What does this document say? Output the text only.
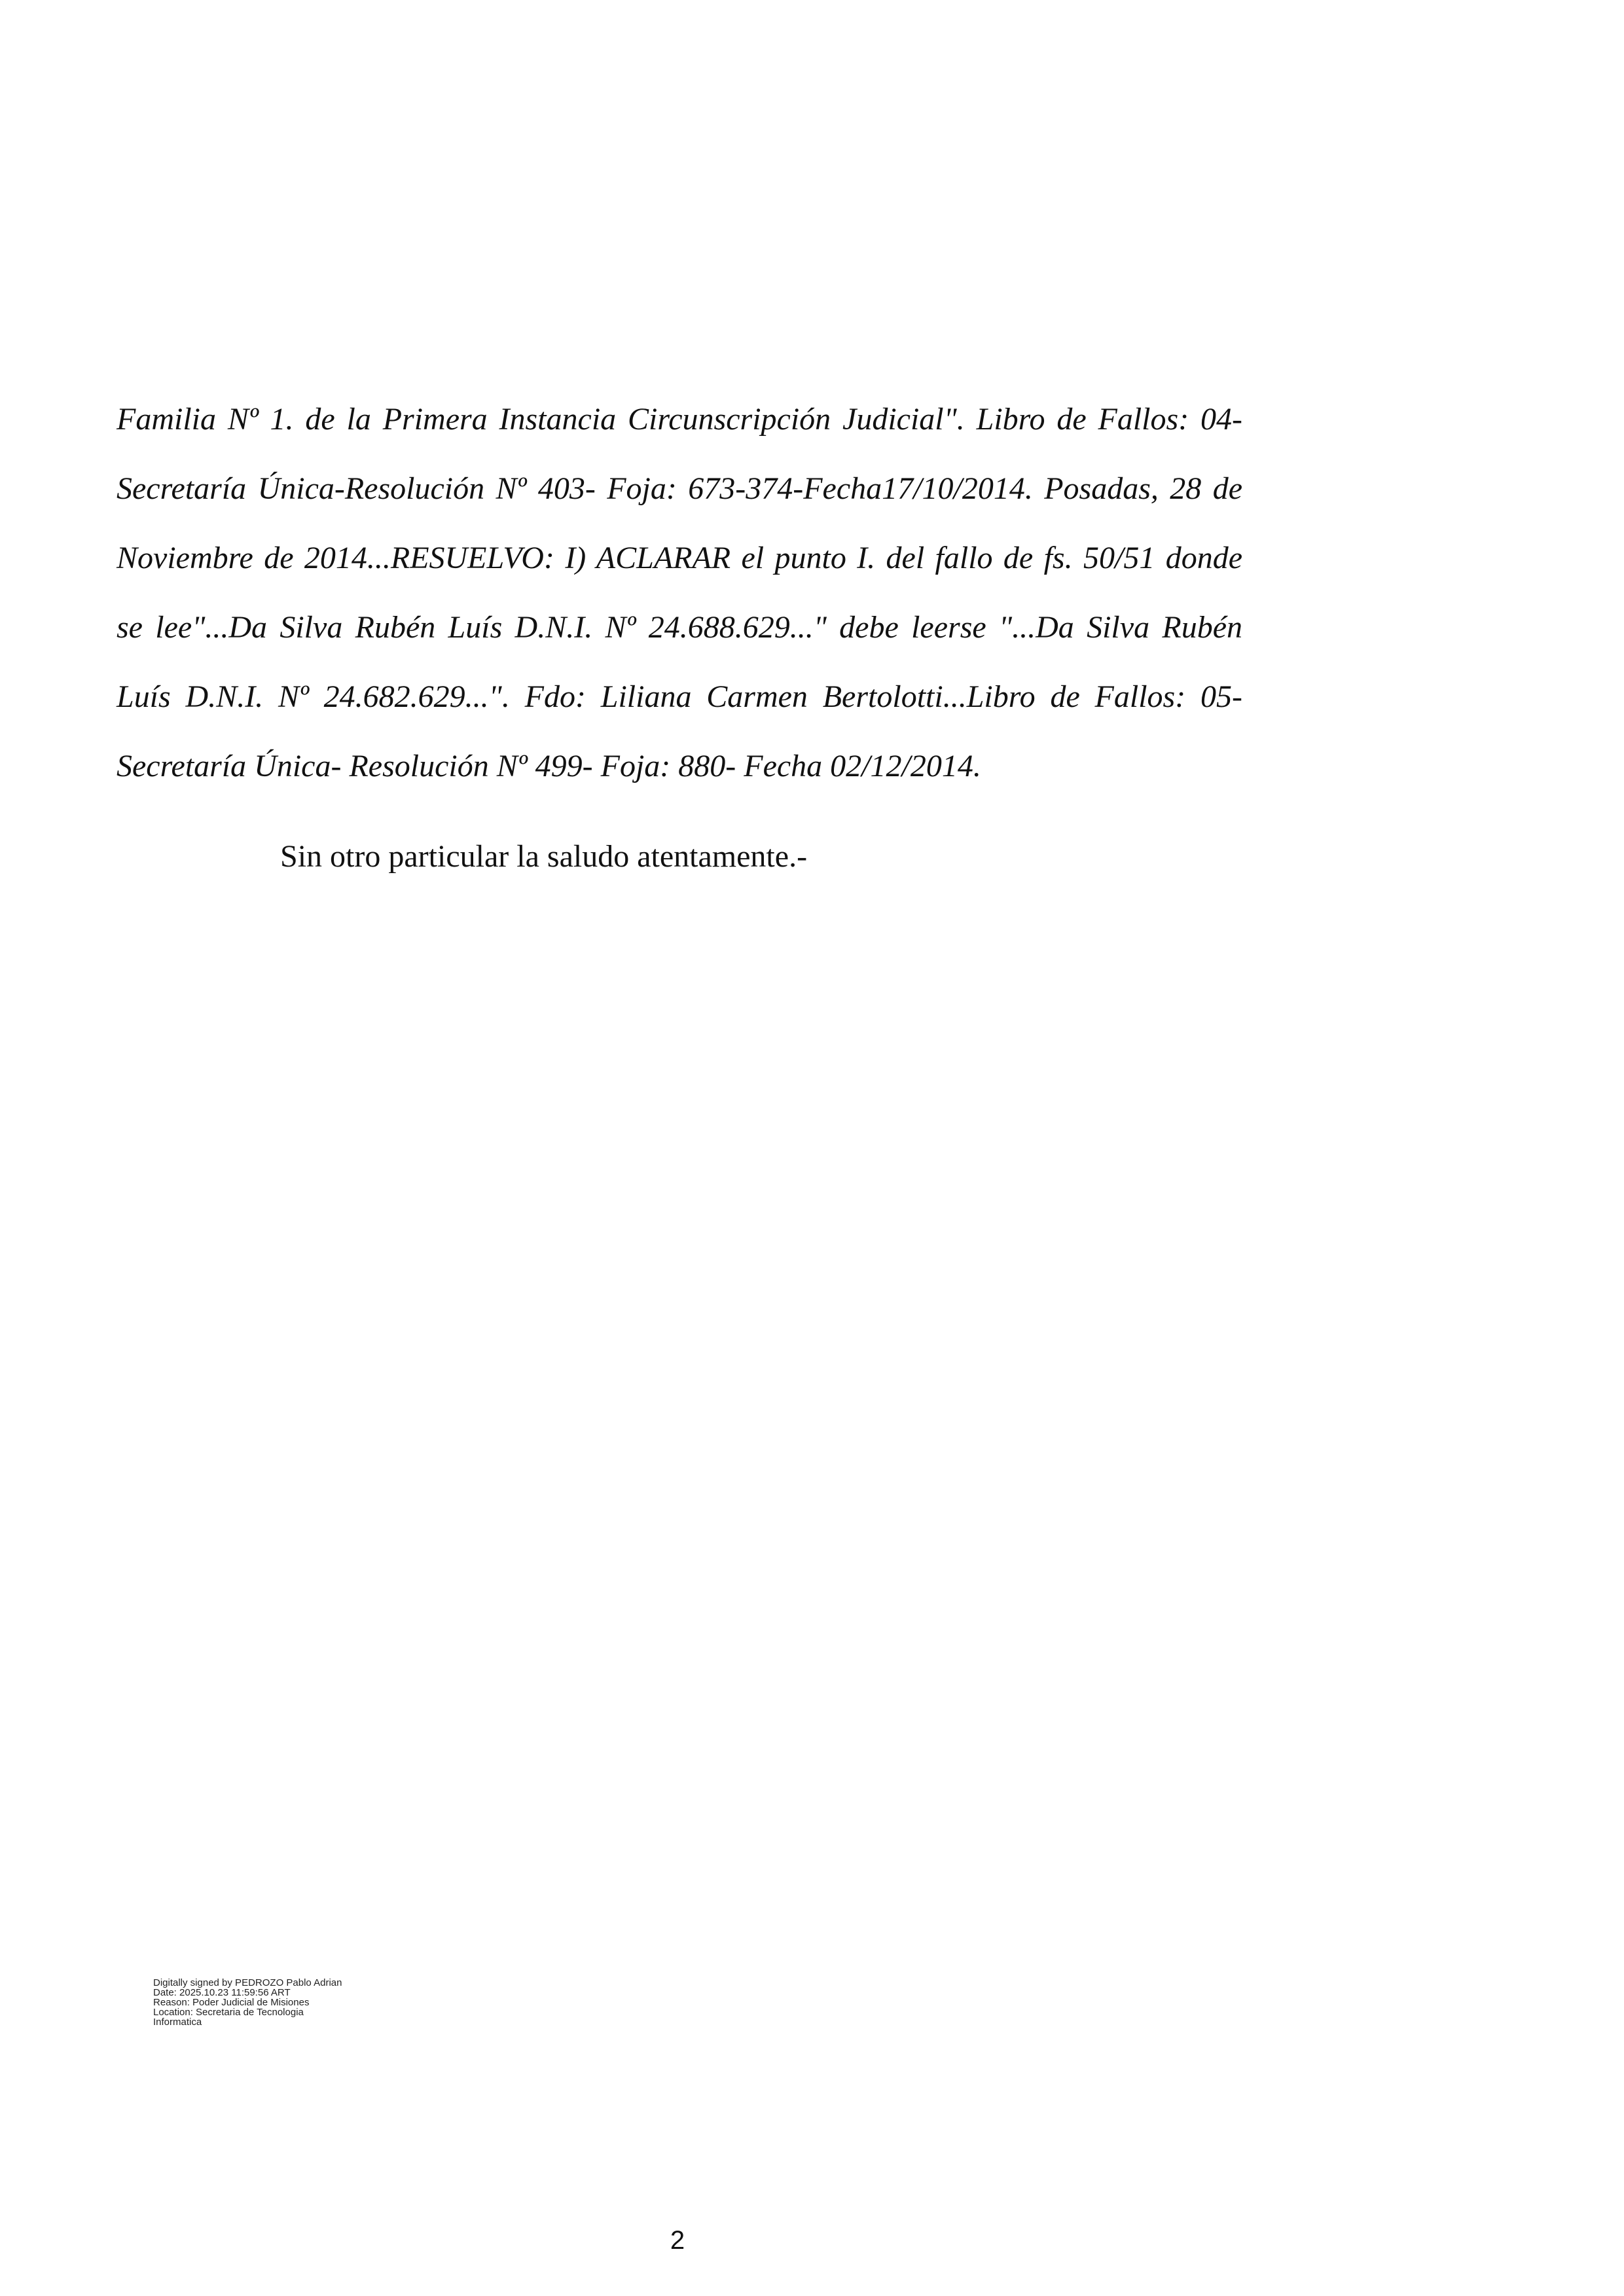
Familia Nº 1. de la Primera Instancia Circunscripción Judicial". Libro de Fallos: 04-
Secretaría Única-Resolución Nº 403- Foja: 673-374-Fecha17/10/2014. Posadas, 28 de
Noviembre de 2014...RESUELVO: I) ACLARAR el punto I. del fallo de fs. 50/51 donde
se lee"...Da Silva Rubén Luís D.N.I. Nº 24.688.629..." debe leerse "...Da Silva Rubén
Luís D.N.I. Nº 24.682.629...". Fdo: Liliana Carmen Bertolotti...Libro de Fallos: 05-
Secretaría Única- Resolución Nº 499- Foja: 880- Fecha 02/12/2014.

Sin otro particular la saludo atentamente.-

Digitally signed by PEDROZO Pablo Adrian
Date: 2025.10.23 11:59:56 ART
Reason: Poder Judicial de Misiones
Location: Secretaria de Tecnologia
Informatica
2
